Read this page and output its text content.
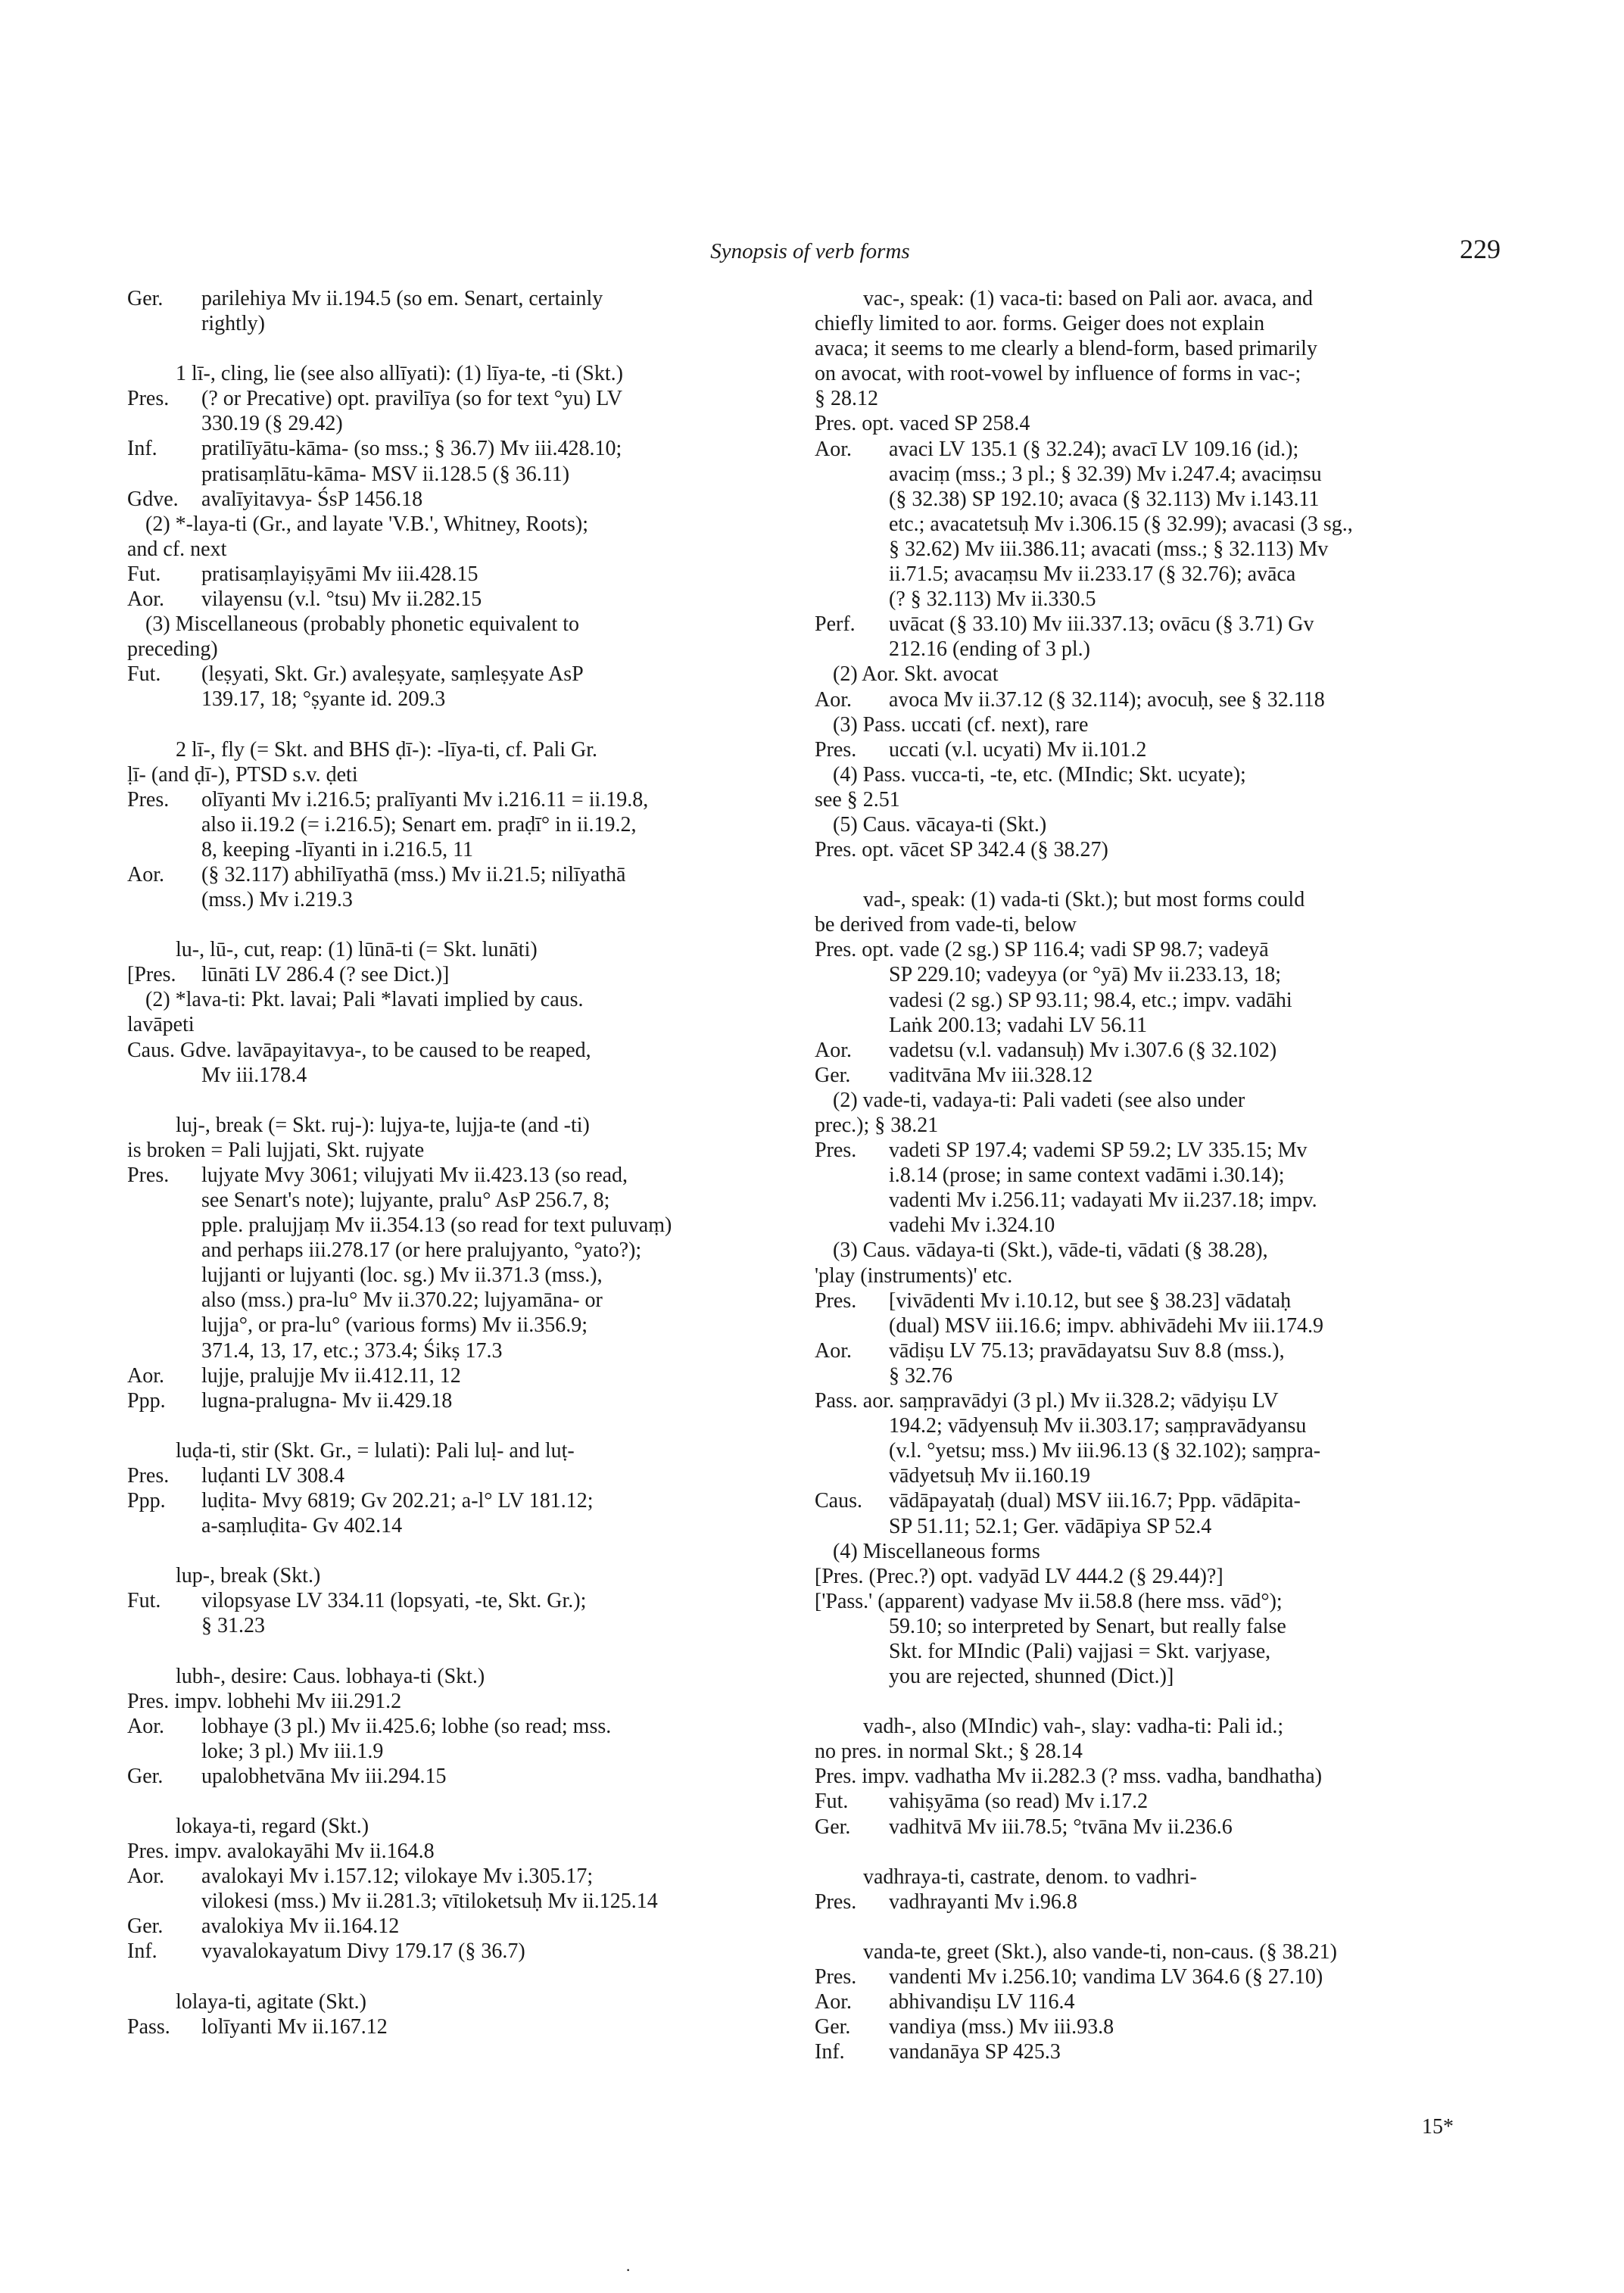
Synopsis of verb forms	229
Ger.	parilehiya Mv ii.194.5 (so em. Senart, certainly
rightly)
1 lī-, cling, lie (see also allīyati): (1) līya-te, -ti (Skt.)
Pres.	(? or Precative) opt. pravilīya (so for text °yu) LV
330.19 (§ 29.42)
Inf.	pratilīyātu-kāma- (so mss.; § 36.7) Mv iii.428.10;
pratisaṃlātu-kāma- MSV ii.128.5 (§ 36.11)
Gdve.	avalīyitavya- ŚsP 1456.18
(2) *-laya-ti (Gr., and layate 'V.B.', Whitney, Roots);
and cf. next
Fut.	pratisaṃlayiṣyāmi Mv iii.428.15
Aor.	vilayensu (v.l. °tsu) Mv ii.282.15
(3) Miscellaneous (probably phonetic equivalent to
preceding)
Fut.	(leṣyati, Skt. Gr.) avaleṣyate, saṃleṣyate AsP
139.17, 18; °ṣyante id. 209.3
2 lī-, fly (= Skt. and BHS ḍī-): -līya-ti, cf. Pali Gr.
ḷī- (and ḍī-), PTSD s.v. ḍeti
Pres.	olīyanti Mv i.216.5; pralīyanti Mv i.216.11 = ii.19.8,
also ii.19.2 (= i.216.5); Senart em. praḍī° in ii.19.2,
8, keeping -līyanti in i.216.5, 11
Aor.	(§ 32.117) abhilīyathā (mss.) Mv ii.21.5; nilīyathā
(mss.) Mv i.219.3
lu-, lū-, cut, reap: (1) lūnā-ti (= Skt. lunāti)
[Pres.	lūnāti LV 286.4 (? see Dict.)]
(2) *lava-ti: Pkt. lavai; Pali *lavati implied by caus.
lavāpeti
Caus. Gdve. lavāpayitavya-, to be caused to be reaped,
Mv iii.178.4
luj-, break (= Skt. ruj-): lujya-te, lujja-te (and -ti)
is broken = Pali lujjati, Skt. rujyate
Pres.	lujyate Mvy 3061; vilujyati Mv ii.423.13 (so read,
see Senart's note); lujyante, pralu° AsP 256.7, 8;
pple. pralujjaṃ Mv ii.354.13 (so read for text puluvaṃ)
and perhaps iii.278.17 (or here pralujyanto, °yato?);
lujjanti or lujyanti (loc. sg.) Mv ii.371.3 (mss.),
also (mss.) pra-lu° Mv ii.370.22; lujyamāna- or
lujja°, or pra-lu° (various forms) Mv ii.356.9;
371.4, 13, 17, etc.; 373.4; Śikṣ 17.3
Aor.	lujje, pralujje Mv ii.412.11, 12
Ppp.	lugna-pralugna- Mv ii.429.18
luḍa-ti, stir (Skt. Gr., = lulati): Pali luḷ- and luṭ-
Pres.	luḍanti LV 308.4
Ppp.	luḍita- Mvy 6819; Gv 202.21; a-l° LV 181.12;
a-saṃluḍita- Gv 402.14
lup-, break (Skt.)
Fut.	vilopsyase LV 334.11 (lopsyati, -te, Skt. Gr.);
§ 31.23
lubh-, desire: Caus. lobhaya-ti (Skt.)
Pres. impv. lobhehi Mv iii.291.2
Aor.	lobhaye (3 pl.) Mv ii.425.6; lobhe (so read; mss.
loke; 3 pl.) Mv iii.1.9
Ger.	upalobhetvāna Mv iii.294.15
lokaya-ti, regard (Skt.)
Pres. impv. avalokayāhi Mv ii.164.8
Aor.	avalokayi Mv i.157.12; vilokaye Mv i.305.17;
vilokesi (mss.) Mv ii.281.3; vītiloketsuḥ Mv ii.125.14
Ger.	avalokiya Mv ii.164.12
Inf.	vyavalokayatum Divy 179.17 (§ 36.7)
lolaya-ti, agitate (Skt.)
Pass.	lolīyanti Mv ii.167.12
vac-, speak: (1) vaca-ti: based on Pali aor. avaca, and
chiefly limited to aor. forms. Geiger does not explain
avaca; it seems to me clearly a blend-form, based primarily
on avocat, with root-vowel by influence of forms in vac-;
§ 28.12
Pres. opt. vaced SP 258.4
Aor.	avaci LV 135.1 (§ 32.24); avacī LV 109.16 (id.);
avaciṃ (mss.; 3 pl.; § 32.39) Mv i.247.4; avaciṃsu
(§ 32.38) SP 192.10; avaca (§ 32.113) Mv i.143.11
etc.; avacatetsuḥ Mv i.306.15 (§ 32.99); avacasi (3 sg.,
§ 32.62) Mv iii.386.11; avacati (mss.; § 32.113) Mv
ii.71.5; avacaṃsu Mv ii.233.17 (§ 32.76); avāca
(? § 32.113) Mv ii.330.5
Perf.	uvācat (§ 33.10) Mv iii.337.13; ovācu (§ 3.71) Gv
212.16 (ending of 3 pl.)
(2) Aor. Skt. avocat
Aor.	avoca Mv ii.37.12 (§ 32.114); avocuḥ, see § 32.118
(3) Pass. uccati (cf. next), rare
Pres.	uccati (v.l. ucyati) Mv ii.101.2
(4) Pass. vucca-ti, -te, etc. (MIndic; Skt. ucyate);
see § 2.51
(5) Caus. vācaya-ti (Skt.)
Pres. opt. vācet SP 342.4 (§ 38.27)
vad-, speak: (1) vada-ti (Skt.); but most forms could
be derived from vade-ti, below
Pres. opt. vade (2 sg.) SP 116.4; vadi SP 98.7; vadeyā
SP 229.10; vadeyya (or °yā) Mv ii.233.13, 18;
vadesi (2 sg.) SP 93.11; 98.4, etc.; impv. vadāhi
Laṅk 200.13; vadahi LV 56.11
Aor.	vadetsu (v.l. vadansuḥ) Mv i.307.6 (§ 32.102)
Ger.	vaditvāna Mv iii.328.12
(2) vade-ti, vadaya-ti: Pali vadeti (see also under
prec.); § 38.21
Pres.	vadeti SP 197.4; vademi SP 59.2; LV 335.15; Mv
i.8.14 (prose; in same context vadāmi i.30.14);
vadenti Mv i.256.11; vadayati Mv ii.237.18; impv.
vadehi Mv i.324.10
(3) Caus. vādaya-ti (Skt.), vāde-ti, vādati (§ 38.28),
'play (instruments)' etc.
Pres.	[vivādenti Mv i.10.12, but see § 38.23] vādataḥ
(dual) MSV iii.16.6; impv. abhivādehi Mv iii.174.9
Aor.	vādiṣu LV 75.13; pravādayatsu Suv 8.8 (mss.),
§ 32.76
Pass. aor. saṃpravādyi (3 pl.) Mv ii.328.2; vādyiṣu LV
194.2; vādyensuḥ Mv ii.303.17; saṃpravādyansu
(v.l. °yetsu; mss.) Mv iii.96.13 (§ 32.102); saṃpra-
vādyetsuḥ Mv ii.160.19
Caus.	vādāpayataḥ (dual) MSV iii.16.7; Ppp. vādāpita-
SP 51.11; 52.1; Ger. vādāpiya SP 52.4
(4) Miscellaneous forms
[Pres. (Prec.?) opt. vadyād LV 444.2 (§ 29.44)?]
['Pass.' (apparent) vadyase Mv ii.58.8 (here mss. vād°);
59.10; so interpreted by Senart, but really false
Skt. for MIndic (Pali) vajjasi = Skt. varjyase,
you are rejected, shunned (Dict.)]
vadh-, also (MIndic) vah-, slay: vadha-ti: Pali id.;
no pres. in normal Skt.; § 28.14
Pres. impv. vadhatha Mv ii.282.3 (? mss. vadha, bandhatha)
Fut.	vahiṣyāma (so read) Mv i.17.2
Ger.	vadhitvā Mv iii.78.5; °tvāna Mv ii.236.6
vadhraya-ti, castrate, denom. to vadhri-
Pres.	vadhrayanti Mv i.96.8
vanda-te, greet (Skt.), also vande-ti, non-caus. (§ 38.21)
Pres.	vandenti Mv i.256.10; vandima LV 364.6 (§ 27.10)
Aor.	abhivandiṣu LV 116.4
Ger.	vandiya (mss.) Mv iii.93.8
Inf.	vandanāya SP 425.3
15*
·
